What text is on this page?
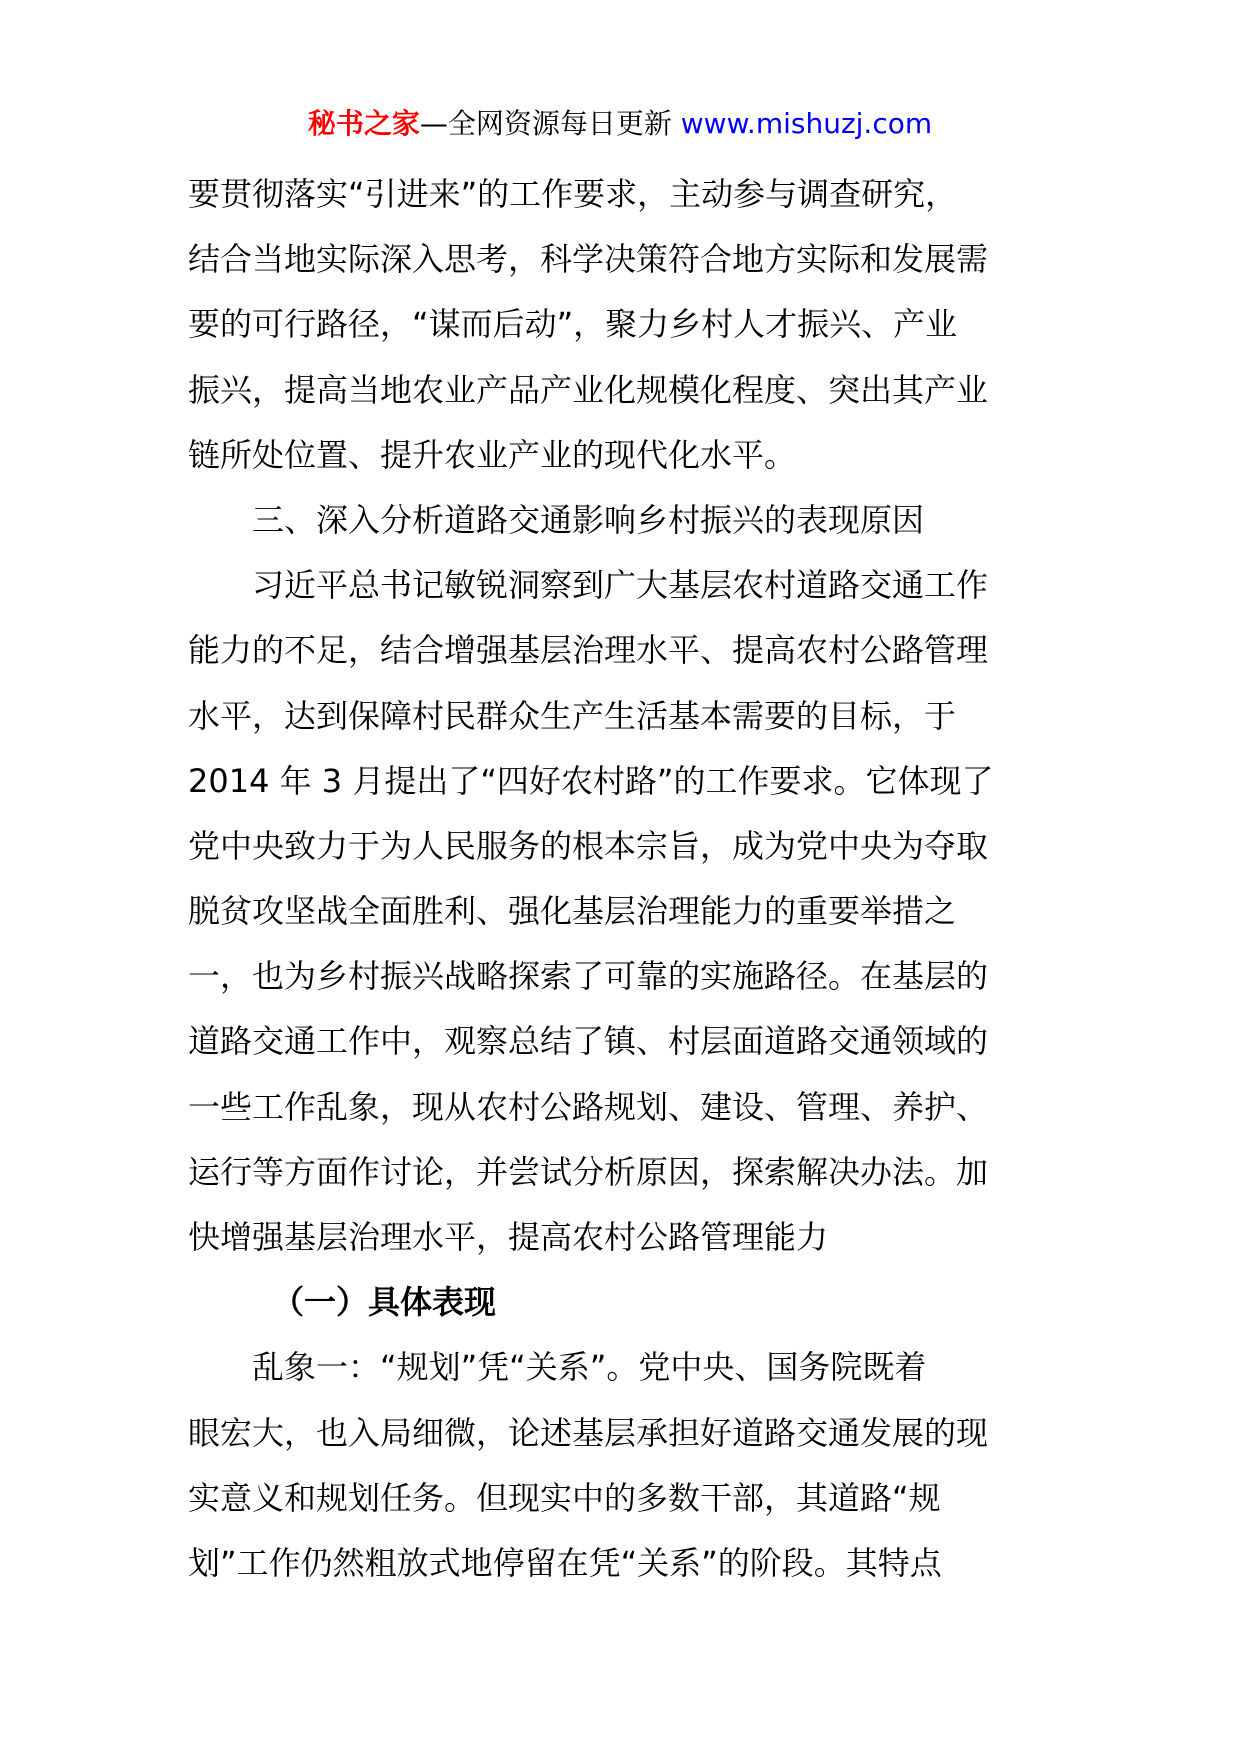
秘书之家—全网资源每日更新 www.mishuzj.com
要贯彻落实“引进来”的工作要求，主动参与调查研究，
结合当地实际深入思考，科学决策符合地方实际和发展需
要的可行路径，“谋而后动”，聚力乡村人才振兴、产业
振兴，提高当地农业产品产业化规模化程度、突出其产业
链所处位置、提升农业产业的现代化水平。
三、深入分析道路交通影响乡村振兴的表现原因
习近平总书记敏锐洞察到广大基层农村道路交通工作
能力的不足，结合增强基层治理水平、提高农村公路管理
水平，达到保障村民群众生产生活基本需要的目标，于
2014 年 3 月提出了“四好农村路”的工作要求。它体现了
党中央致力于为人民服务的根本宗旨，成为党中央为夺取
脱贫攻坚战全面胜利、强化基层治理能力的重要举措之
一，也为乡村振兴战略探索了可靠的实施路径。在基层的
道路交通工作中，观察总结了镇、村层面道路交通领域的
一些工作乱象，现从农村公路规划、建设、管理、养护、
运行等方面作讨论，并尝试分析原因，探索解决办法。加
快增强基层治理水平，提高农村公路管理能力
（一）具体表现
乱象一：“规划”凭“关系”。党中央、国务院既着
眼宏大，也入局细微，论述基层承担好道路交通发展的现
实意义和规划任务。但现实中的多数干部，其道路“规
划”工作仍然粗放式地停留在凭“关系”的阶段。其特点
